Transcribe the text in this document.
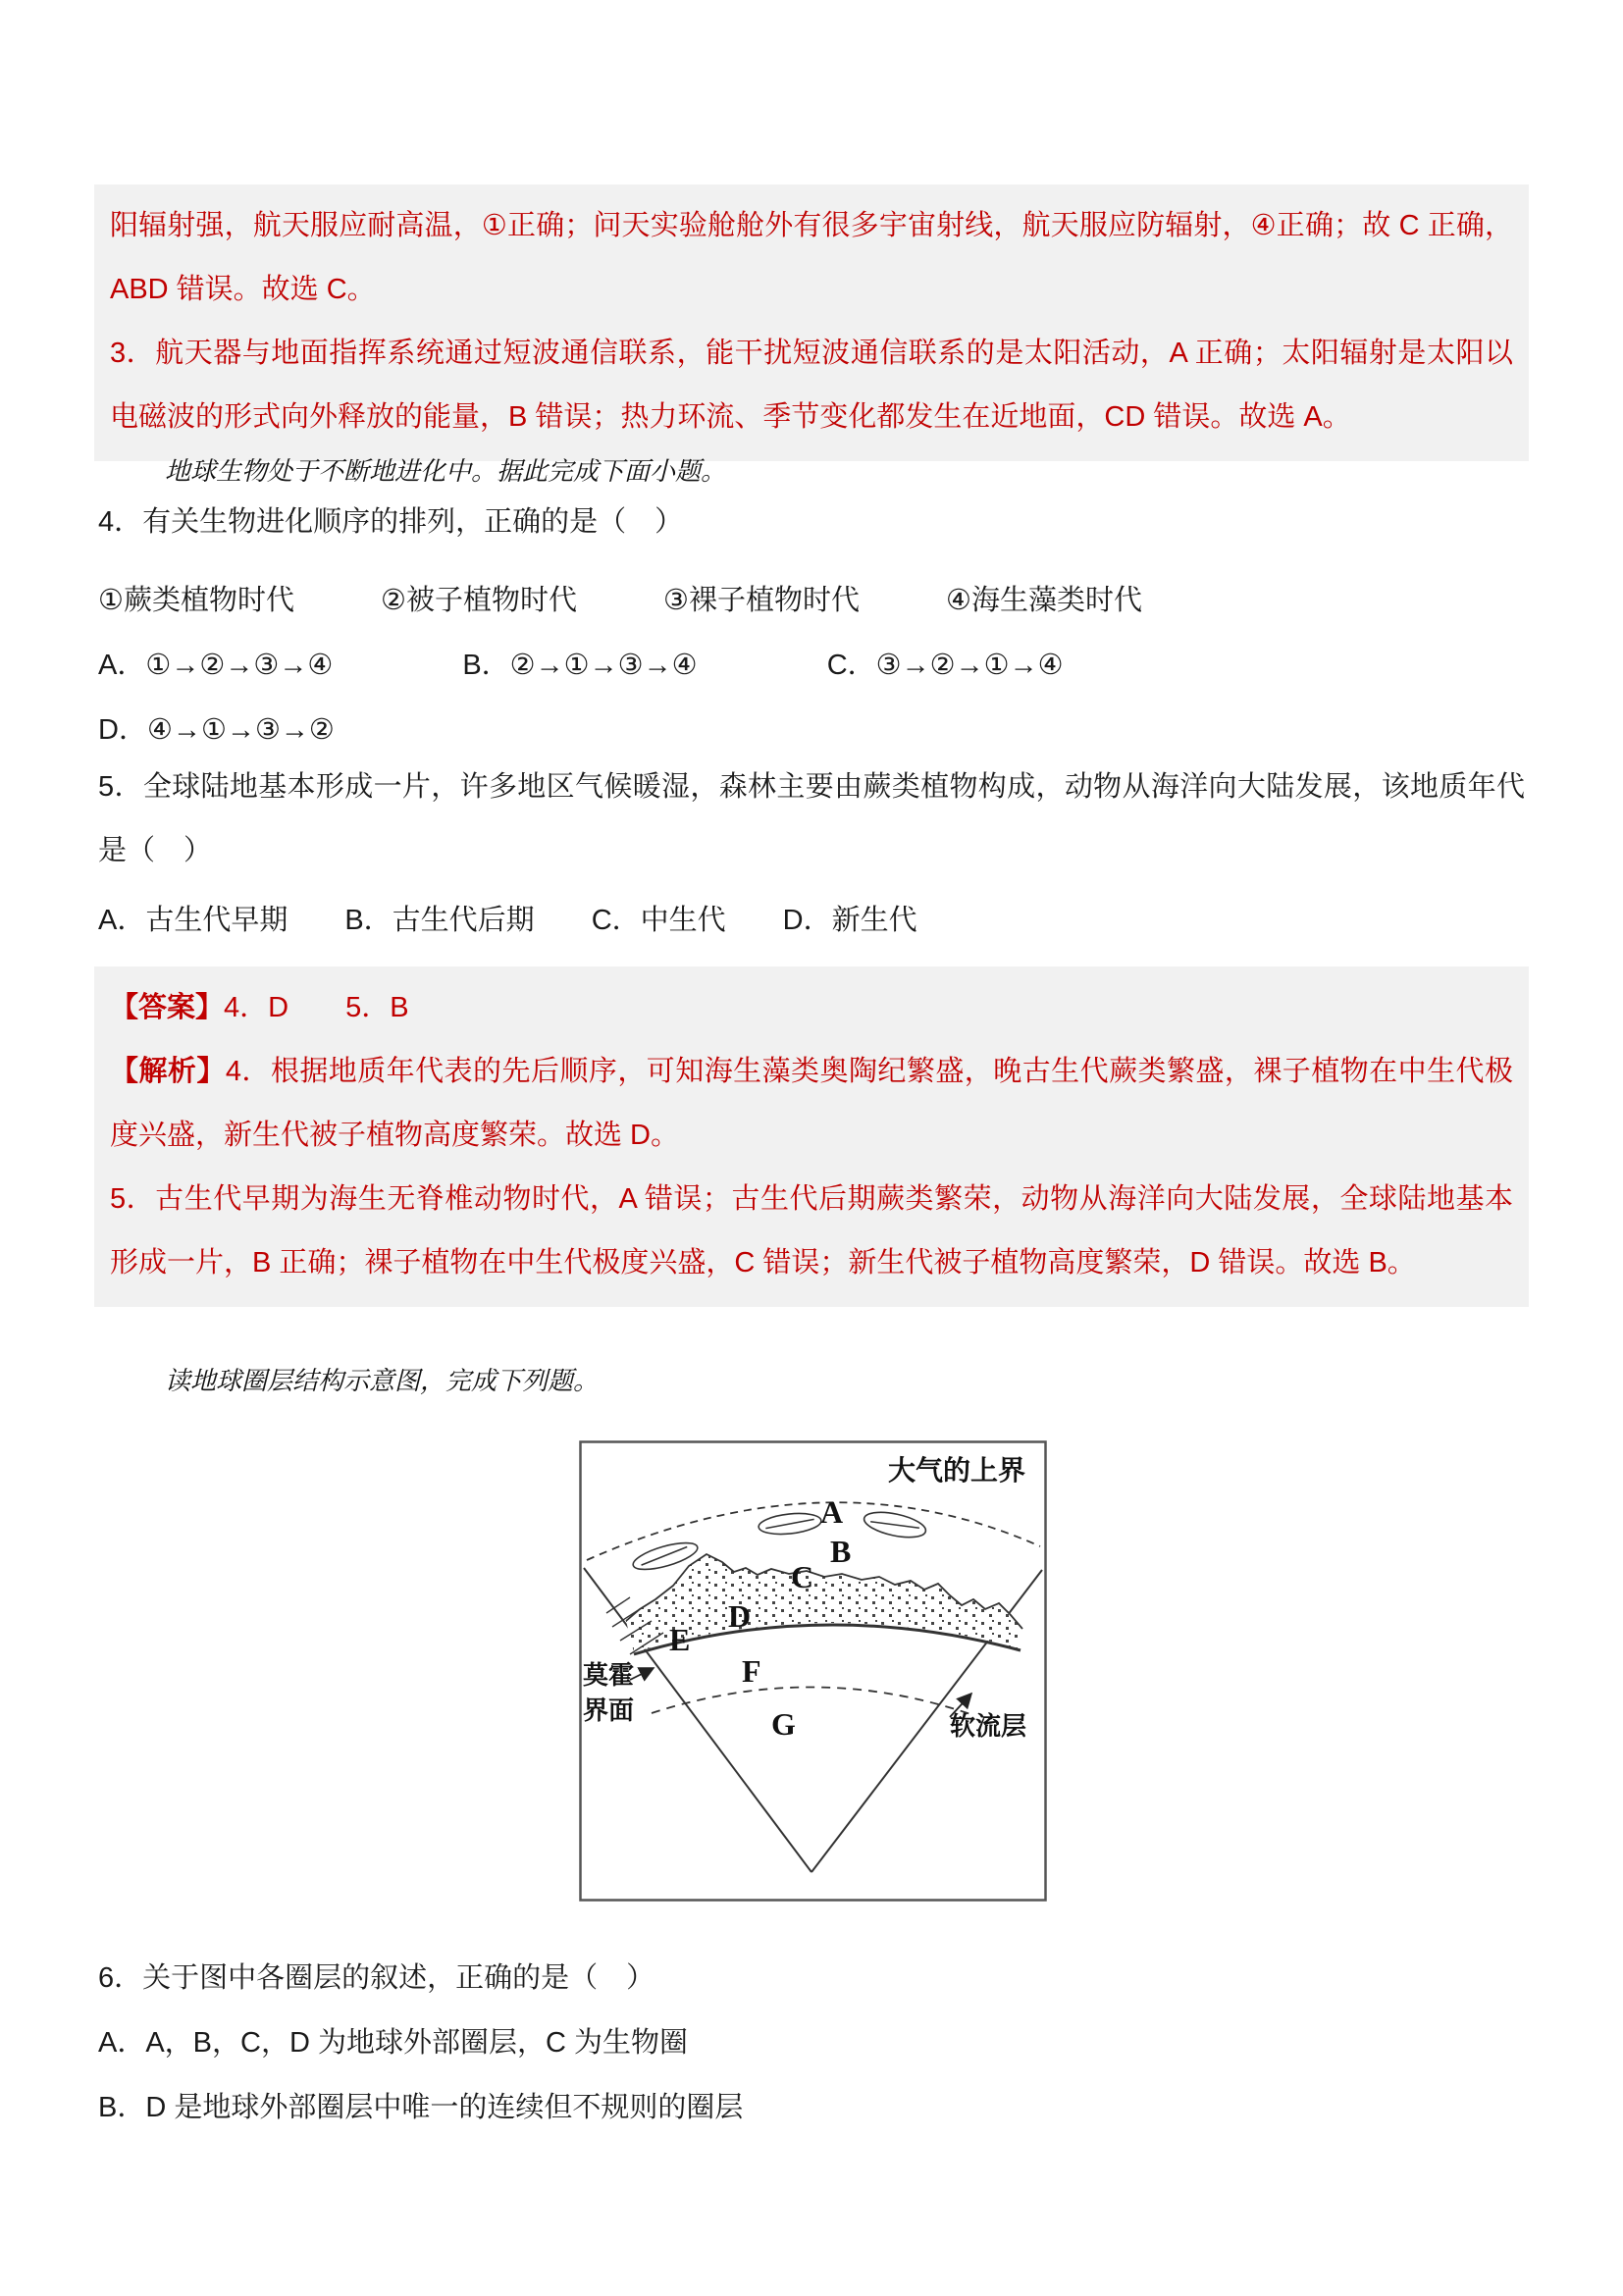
阳辐射强，航天服应耐高温，①正确；问天实验舱舱外有很多宇宙射线，航天服应防辐射，④正确；故 C 正确，ABD 错误。故选 C。

3．航天器与地面指挥系统通过短波通信联系，能干扰短波通信联系的是太阳活动，A 正确；太阳辐射是太阳以电磁波的形式向外释放的能量，B 错误；热力环流、季节变化都发生在近地面，CD 错误。故选 A。

地球生物处于不断地进化中。据此完成下面小题。

4．有关生物进化顺序的排列，正确的是（　）

①蕨类植物时代	②被子植物时代	③裸子植物时代	④海生藻类时代
A．①→②→③→④	B．②→①→③→④	C．③→②→①→④

D．④→①→③→②

5．全球陆地基本形成一片，许多地区气候暖湿，森林主要由蕨类植物构成，动物从海洋向大陆发展，该地质年代是（　）

A．古生代早期 B．古生代后期 C．中生代 D．新生代

【答案】4．D　　5．B

【解析】4．根据地质年代表的先后顺序，可知海生藻类奥陶纪繁盛，晚古生代蕨类繁盛，裸子植物在中生代极度兴盛，新生代被子植物高度繁荣。故选 D。

5．古生代早期为海生无脊椎动物时代，A 错误；古生代后期蕨类繁荣，动物从海洋向大陆发展，全球陆地基本形成一片，B 正确；裸子植物在中生代极度兴盛，C 错误；新生代被子植物高度繁荣，D 错误。故选 B。

读地球圈层结构示意图，完成下列题。

A
B
C
D
E
F
G
大气的上界
莫霍
界面
软流层

6．关于图中各圈层的叙述，正确的是（　）

A．A，B，C，D 为地球外部圈层，C 为生物圈

B．D 是地球外部圈层中唯一的连续但不规则的圈层
